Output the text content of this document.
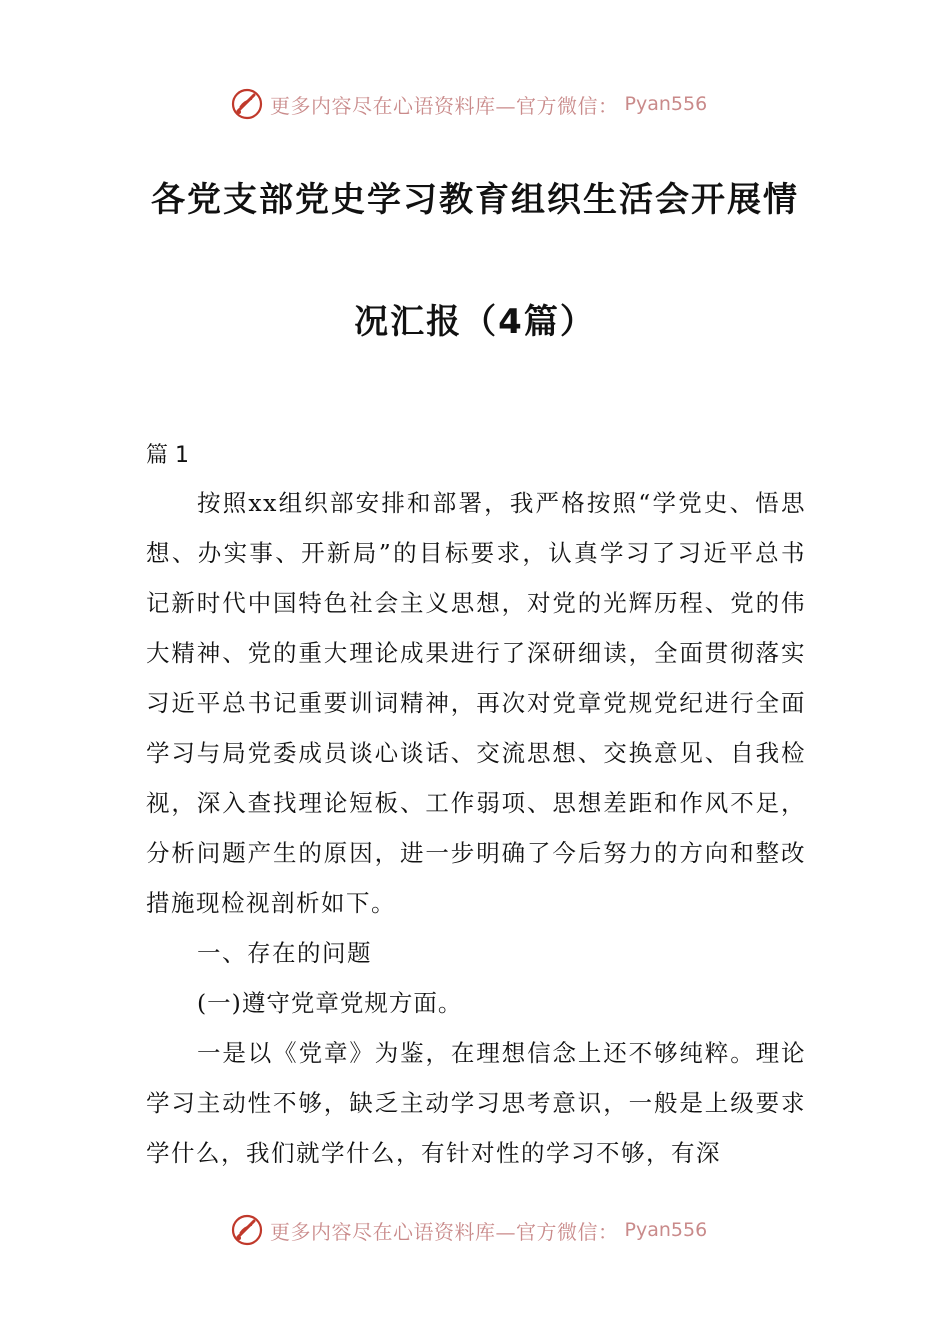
更多内容尽在心语资料库—官方微信： Pyan556
各党支部党史学习教育组织生活会开展情
况汇报（4篇）
篇 1

按照xx组织部安排和部署，我严格按照“学党史、悟思想、办实事、开新局”的目标要求，认真学习了习近平总书记新时代中国特色社会主义思想，对党的光辉历程、党的伟大精神、党的重大理论成果进行了深研细读，全面贯彻落实习近平总书记重要训词精神，再次对党章党规党纪进行全面学习与局党委成员谈心谈话、交流思想、交换意见、自我检视，深入查找理论短板、工作弱项、思想差距和作风不足，分析问题产生的原因，进一步明确了今后努力的方向和整改措施现检视剖析如下。

一、存在的问题
(一)遵守党章党规方面。

一是以《党章》为鉴，在理想信念上还不够纯粹。理论学习主动性不够，缺乏主动学习思考意识，一般是上级要求学什么，我们就学什么，有针对性的学习不够，有深

更多内容尽在心语资料库—官方微信： Pyan556
